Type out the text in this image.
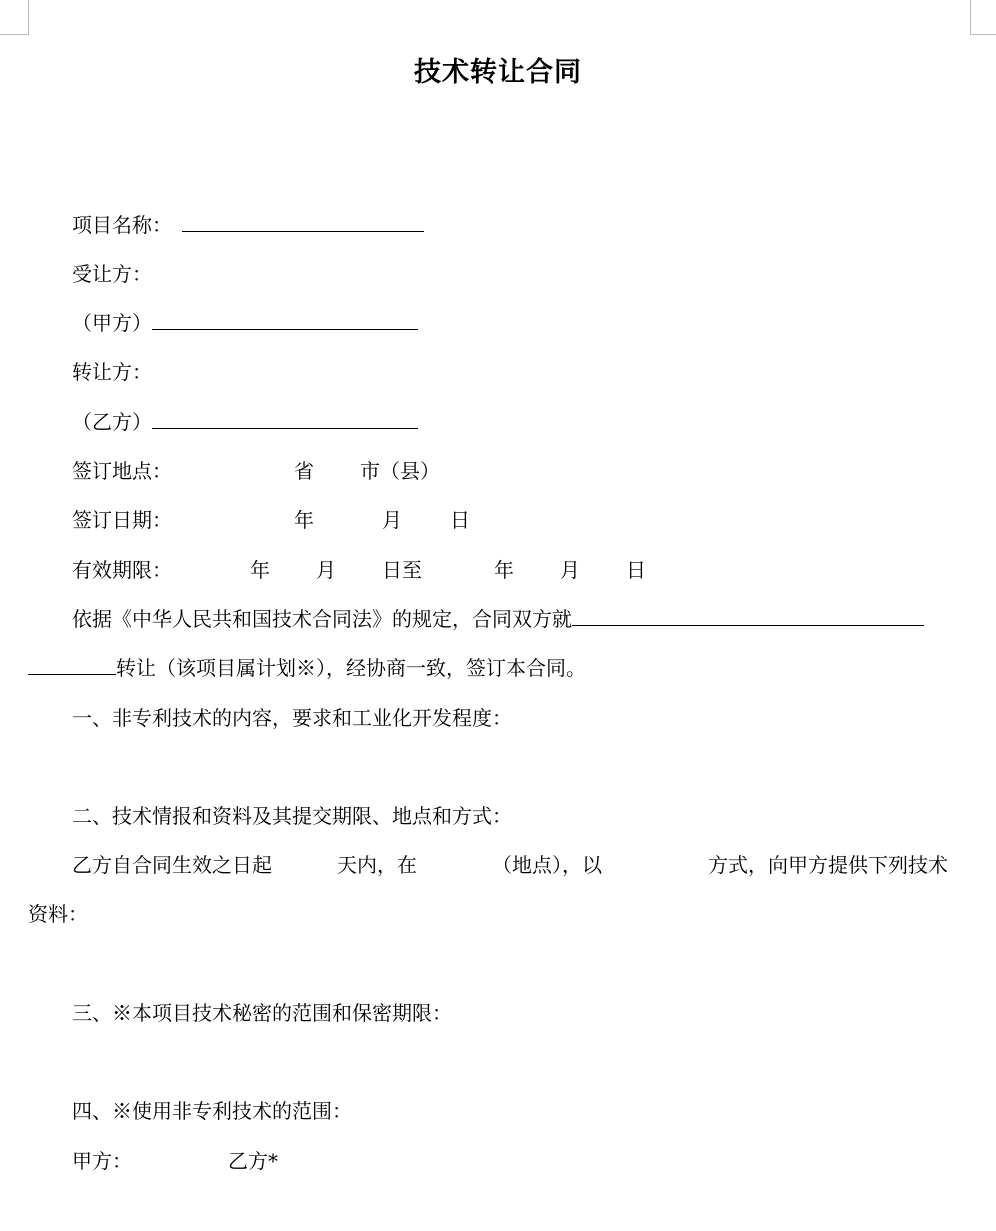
技术转让合同
项目名称：
受让方：
（甲方）
转让方：
（乙方）
签订地点：	省 市（县）
签订日期：	年	月 日
有效期限：	年 月 日至	年 月 日
依据《中华人民共和国技术合同法》的规定，合同双方就
转让（该项目属计划※），经协商一致，签订本合同。
一、非专利技术的内容，要求和工业化开发程度：
二、技术情报和资料及其提交期限、地点和方式：
乙方自合同生效之日起	天内，在	（地点），以	方式，向甲方提供下列技术
资料：
三、※本项目技术秘密的范围和保密期限：
四、※使用非专利技术的范围：
甲方：	乙方*
